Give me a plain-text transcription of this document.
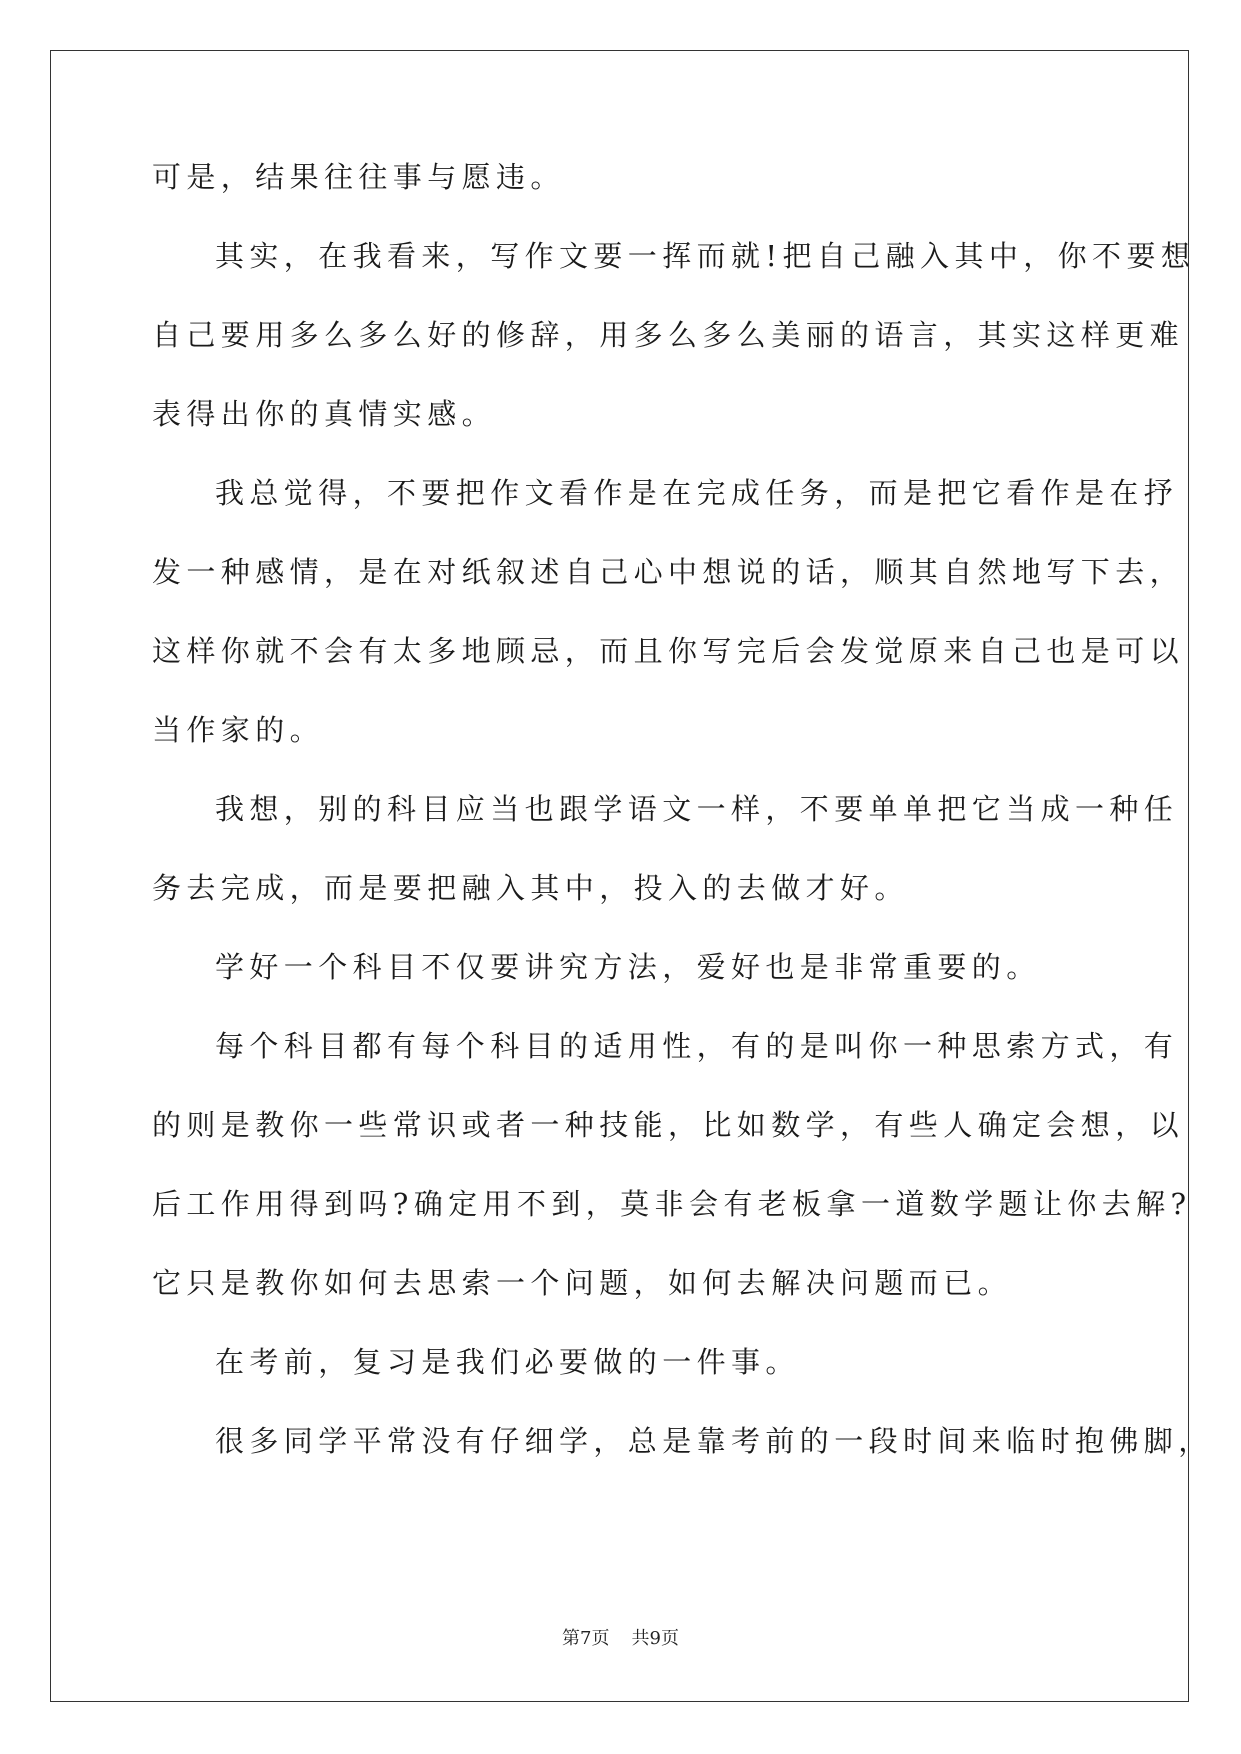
可是，结果往往事与愿违。
其实，在我看来，写作文要一挥而就!把自己融入其中，你不要想
自己要用多么多么好的修辞，用多么多么美丽的语言，其实这样更难
表得出你的真情实感。
我总觉得，不要把作文看作是在完成任务，而是把它看作是在抒
发一种感情，是在对纸叙述自己心中想说的话，顺其自然地写下去，
这样你就不会有太多地顾忌，而且你写完后会发觉原来自己也是可以
当作家的。
我想，别的科目应当也跟学语文一样，不要单单把它当成一种任
务去完成，而是要把融入其中，投入的去做才好。
学好一个科目不仅要讲究方法，爱好也是非常重要的。
每个科目都有每个科目的适用性，有的是叫你一种思索方式，有
的则是教你一些常识或者一种技能，比如数学，有些人确定会想，以
后工作用得到吗?确定用不到，莫非会有老板拿一道数学题让你去解?
它只是教你如何去思索一个问题，如何去解决问题而已。
在考前，复习是我们必要做的一件事。
很多同学平常没有仔细学，总是靠考前的一段时间来临时抱佛脚，
第7页 共9页
